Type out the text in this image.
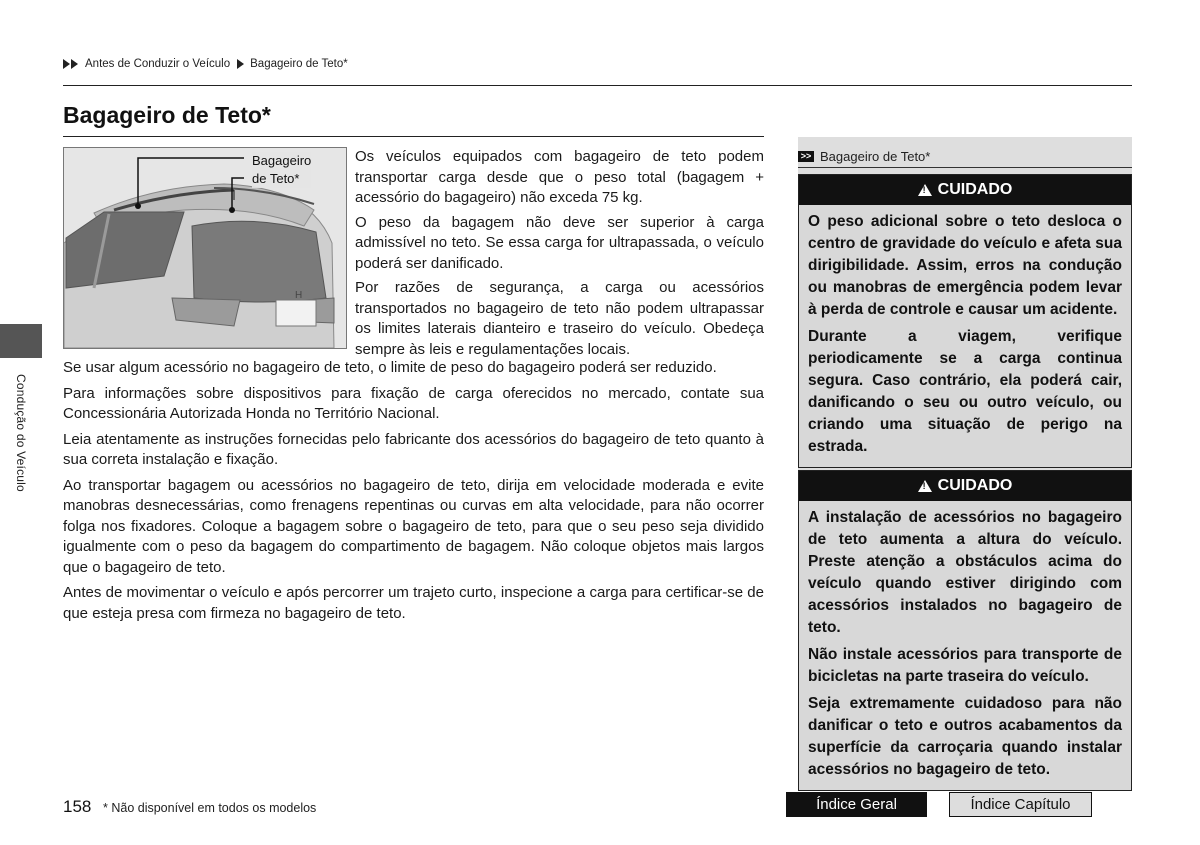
Antes de Conduzir o Veículo Bagageiro de Teto*
Condução do Veículo
Bagageiro de Teto*
H
Bagageiro
de Teto*

Os veículos equipados com bagageiro de teto podem transportar carga desde que o peso total (bagagem + acessório do bagageiro) não exceda 75 kg.

O peso da bagagem não deve ser superior à carga admissível no teto. Se essa carga for ultrapassada, o veículo poderá ser danificado.

Por razões de segurança, a carga ou acessórios transportados no bagageiro de teto não podem ultrapassar os limites laterais dianteiro e traseiro do veículo. Obedeça sempre às leis e regulamentações locais.

Se usar algum acessório no bagageiro de teto, o limite de peso do bagageiro poderá ser reduzido.

Para informações sobre dispositivos para fixação de carga oferecidos no mercado, contate sua Concessionária Autorizada Honda no Território Nacional.

Leia atentamente as instruções fornecidas pelo fabricante dos acessórios do bagageiro de teto quanto à sua correta instalação e fixação.

Ao transportar bagagem ou acessórios no bagageiro de teto, dirija em velocidade moderada e evite manobras desnecessárias, como frenagens repentinas ou curvas em alta velocidade, para não ocorrer folga nos fixadores. Coloque a bagagem sobre o bagageiro de teto, para que o seu peso seja dividido igualmente com o peso da bagagem do compartimento de bagagem. Não coloque objetos mais largos que o bagageiro de teto.

Antes de movimentar o veículo e após percorrer um trajeto curto, inspecione a carga para certificar-se de que esteja presa com firmeza no bagageiro de teto.

>> Bagageiro de Teto*
!
CUIDADO

O peso adicional sobre o teto desloca o centro de gravidade do veículo e afeta sua dirigibilidade. Assim, erros na condução ou manobras de emergência podem levar à perda de controle e causar um acidente.

Durante a viagem, verifique periodicamente se a carga continua segura. Caso contrário, ela poderá cair, danificando o seu ou outro veículo, ou criando uma situação de perigo na estrada.

!
CUIDADO

A instalação de acessórios no bagageiro de teto aumenta a altura do veículo. Preste atenção a obstáculos acima do veículo quando estiver dirigindo com acessórios instalados no bagageiro de teto.

Não instale acessórios para transporte de bicicletas na parte traseira do veículo.

Seja extremamente cuidadoso para não danificar o teto e outros acabamentos da superfície da carroçaria quando instalar acessórios no bagageiro de teto.

158 * Não disponível em todos os modelos	Índice Geral	Índice Capítulo
